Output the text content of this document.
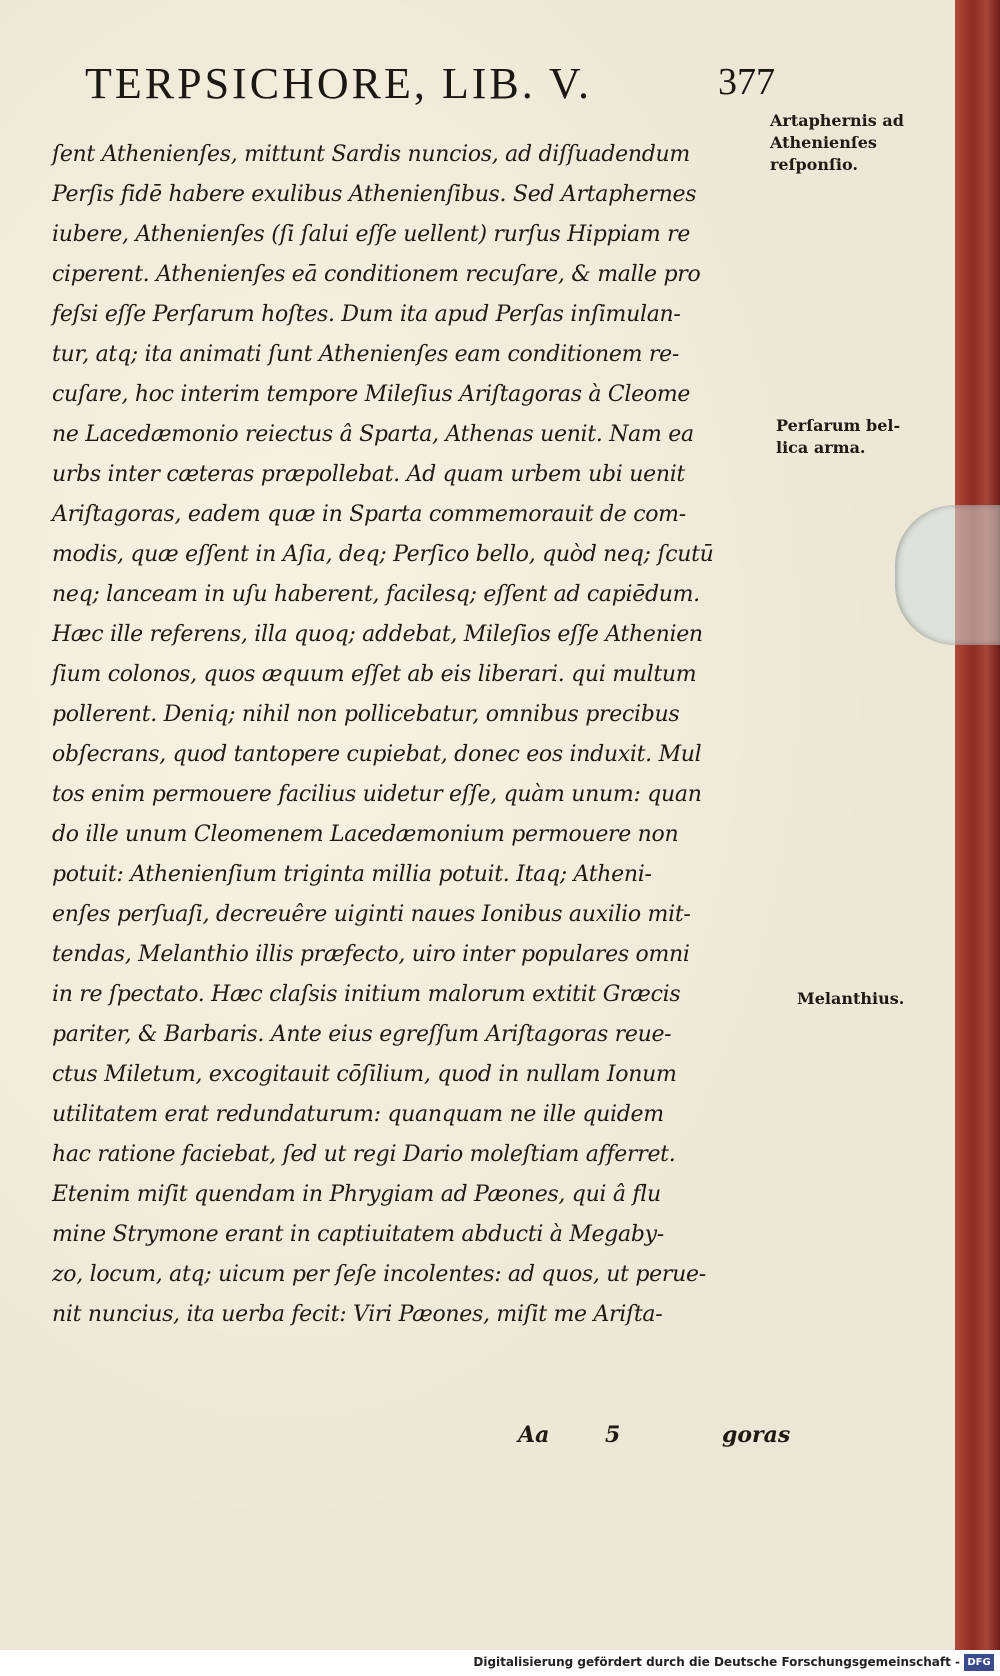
TERPSICHORE, LIB. V.	377
ſent Athenienſes, mittunt Sardis nuncios, ad diſſuadendum
Perſis fidē habere exulibus Athenienſibus. Sed Artaphernes
iubere, Athenienſes (ſi ſalui eſſe uellent) rurſus Hippiam re
ciperent. Athenienſes eā conditionem recuſare, & malle pro
feſsi eſſe Perſarum hoſtes. Dum ita apud Perſas inſimulan-
tur, atq; ita animati ſunt Athenienſes eam conditionem re-
cuſare, hoc interim tempore Mileſius Ariſtagoras à Cleome
ne Lacedæmonio reiectus â Sparta, Athenas uenit. Nam ea
urbs inter cæteras præpollebat. Ad quam urbem ubi uenit
Ariſtagoras, eadem quæ in Sparta commemorauit de com-
modis, quæ eſſent in Aſia, deq; Perſico bello, quòd neq; ſcutū
neq; lanceam in uſu haberent, facilesq; eſſent ad capiēdum.
Hæc ille referens, illa quoq; addebat, Mileſios eſſe Athenien
ſium colonos, quos æquum eſſet ab eis liberari. qui multum
pollerent. Deniq; nihil non pollicebatur, omnibus precibus
obſecrans, quod tantopere cupiebat, donec eos induxit. Mul
tos enim permouere facilius uidetur eſſe, quàm unum: quan
do ille unum Cleomenem Lacedæmonium permouere non
potuit: Athenienſium triginta millia potuit. Itaq; Atheni-
enſes perſuaſi, decreuêre uiginti naues Ionibus auxilio mit-
tendas, Melanthio illis præfecto, uiro inter populares omni
in re ſpectato. Hæc claſsis initium malorum extitit Græcis
pariter, & Barbaris. Ante eius egreſſum Ariſtagoras reue-
ctus Miletum, excogitauit cōſilium, quod in nullam Ionum
utilitatem erat redundaturum: quanquam ne ille quidem
hac ratione faciebat, ſed ut regi Dario moleſtiam afferret.
Etenim miſit quendam in Phrygiam ad Pæones, qui â flu
mine Strymone erant in captiuitatem abducti à Megaby-
zo, locum, atq; uicum per ſeſe incolentes: ad quos, ut perue-
nit nuncius, ita uerba fecit: Viri Pæones, miſit me Ariſta-
Aa	5	goras
Artaphernis ad
Athenienſes
reſponſio.
Perſarum bel-
lica arma.
Melanthius.
Digitalisierung gefördert durch die Deutsche Forschungsgemeinschaft - DFG
